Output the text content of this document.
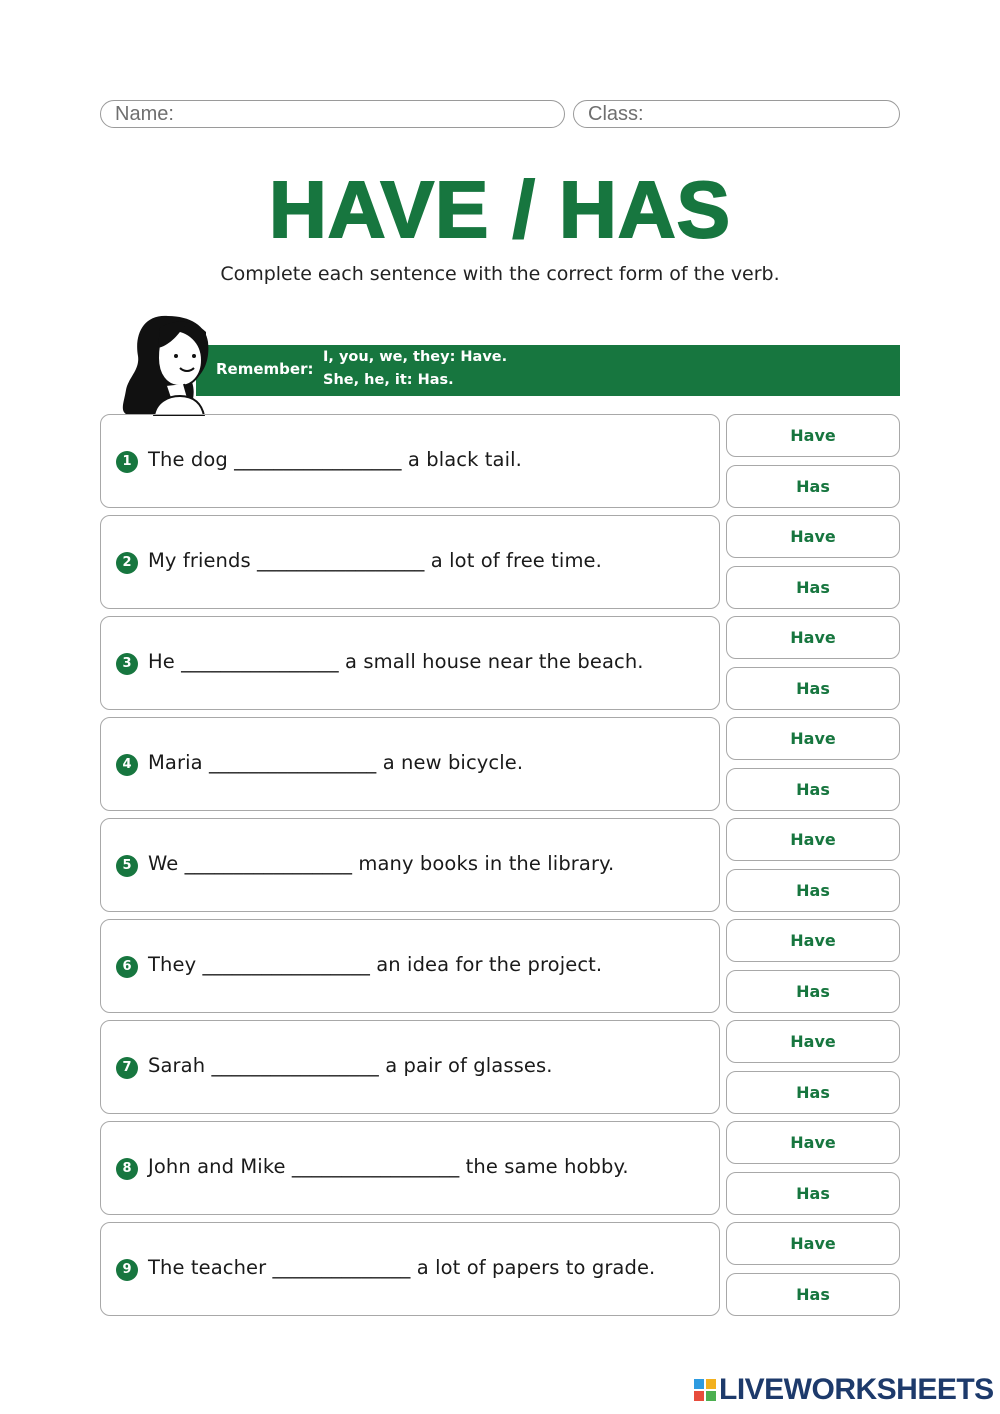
Name:	Class:
HAVE / HAS
Complete each sentence with the correct form of the verb.
Remember:
I, you, we, they: Have.
She, he, it: Has.
1 The dog _________________ a black tail.
Have
Has
2 My friends _________________ a lot of free time.
Have
Has
3 He ________________ a small house near the beach.
Have
Has
4 Maria _________________ a new bicycle.
Have
Has
5 We _________________ many books in the library.
Have
Has
6 They _________________ an idea for the project.
Have
Has
7 Sarah _________________ a pair of glasses.
Have
Has
8 John and Mike _________________ the same hobby.
Have
Has
9 The teacher ______________ a lot of papers to grade.
Have
Has
LIVEWORKSHEETS
